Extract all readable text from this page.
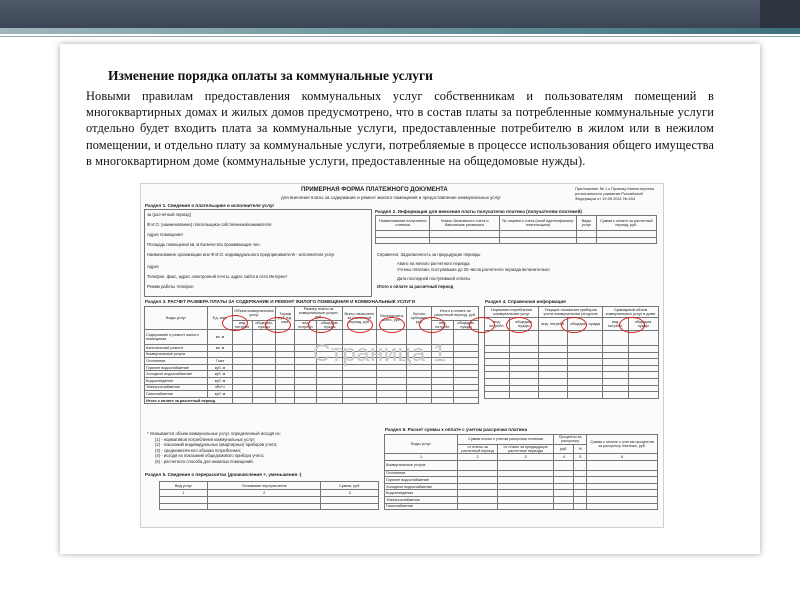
Изменение порядка оплаты за коммунальные услуги
Новыми правилам предоставления коммунальных услуг собственникам и пользователям помещений в многоквартирных домах и жилых домов предусмотрено, что в состав платы за потребленные коммунальные услуги отдельно будет входить плата за коммунальные услуги, предоставленные потребителю в жилом или в нежилом помещении, и отдельно плату за коммунальные услуги, потребляемые в процессе использования общего имущества в многоквартирном доме (коммунальные услуги, предоставленные на общедомовые нужды).
ПРИМЕРНАЯ ФОРМА ПЛАТЕЖНОГО ДОКУМЕНТА
для внесения платы за содержание и ремонт жилого помещения и предоставление коммунальных услуг
Приложение № 1 к Приказу Министерства регионального развития Российской Федерации от 19.09.2011 № 454
Раздел 1. Сведения о плательщике и исполнителе услуг
за (расчетный период)
Ф.И.О. (наименование) плательщика-собственника/нанимателя
Адрес помещения
Площадь помещения кв. м Количество проживающих чел.
Наименование организации или Ф.И.О. индивидуального предпринимателя - исполнителя услуг
Адрес
Телефон, факс, адрес электронной почты, адрес сайта в сети Интернет
Режим работы телефон
Раздел 2. Информация для внесения платы получателю платежа (получателям платежей)
Наименование получателя платежа	Номер банковского счета и банковские реквизиты	№ лицевого счета (иной идентификатор плательщика)	Виды услуг	Сумма к оплате за расчетный период, руб.

Справочно: Задолженность за предыдущие периоды
Аванс на начало расчетного периода
Учтены платежи, поступившие до 25 числа расчетного периода включительно
Дата последней поступившей оплаты
Итого к оплате за расчетный период
Раздел 3. РАСЧЕТ РАЗМЕРА ПЛАТЫ ЗА СОДЕРЖАНИЕ И РЕМОНТ ЖИЛОГО ПОМЕЩЕНИЯ И КОММУНАЛЬНЫЕ УСЛУГИ
Виды услуг	Ед. изм.	Объем коммунальных услуг		Тариф руб./ед. изм.	Размер платы за коммунальные услуги, руб.		Всего начислено за расчетный период, руб.	Перерасчеты всего, руб.	Льготы, субсидии, руб.	Итого к оплате за расчетный период, руб.	
		инд. потребл.	общедом. нужды		инд. потребл.	общедом. нужды				инд. потребл.	общедом. нужды
Содержание и ремонт жилого помещения	кв. м										
Капитальный ремонт	кв. м										
Коммунальные услуги											
Отопление	Гкал										
Горячее водоснабжение	куб. м										
Холодное водоснабжение	куб. м										
Водоотведение	куб. м										
Электроснабжение	кВт*ч										
Газоснабжение	куб. м										
Итого к оплате за расчетный период											
Раздел 4. Справочная информация
Норматив потребления коммунальных услуг		Текущие показания приборов учета коммунальных ресурсов		Суммарный объем коммунальных услуг в доме	
инд. потребл.	общедом. нужды	инд. потребл.	общедом. нужды	инд. потребл.	общедом. нужды

Страница 1
* Указывается объем коммунальных услуг, определенный исходя из:
(1) - нормативов потребления коммунальных услуг;
(2) - показаний индивидуальных (квартирных) приборов учета;
(3) - среднемесячного объема потребления;
(4) - исходя из показаний общедомового прибора учета;
(5) - расчетного способа для нежилых помещений.
Раздел 5. Сведения о перерасчетах (доначисления +, уменьшения -)
Вид услуг	Основание перерасчетов	Сумма, руб.
1	2	3

Раздел 6. Расчет суммы к оплате с учетом рассрочки платежа
Виды услуг	Сумма платы с учетом рассрочки платежа		Проценты за рассрочку		Сумма к оплате с учетом процентов за рассрочку платежа, руб.
	от платы за расчетный период	от платы за предыдущие расчетные периоды	руб.	%	
1	2	3	4	5	6
Коммунальные услуги:					
Отопление					
Горячее водоснабжение					
Холодное водоснабжение					
Водоотведение					
Электроснабжение					
Газоснабжение					
